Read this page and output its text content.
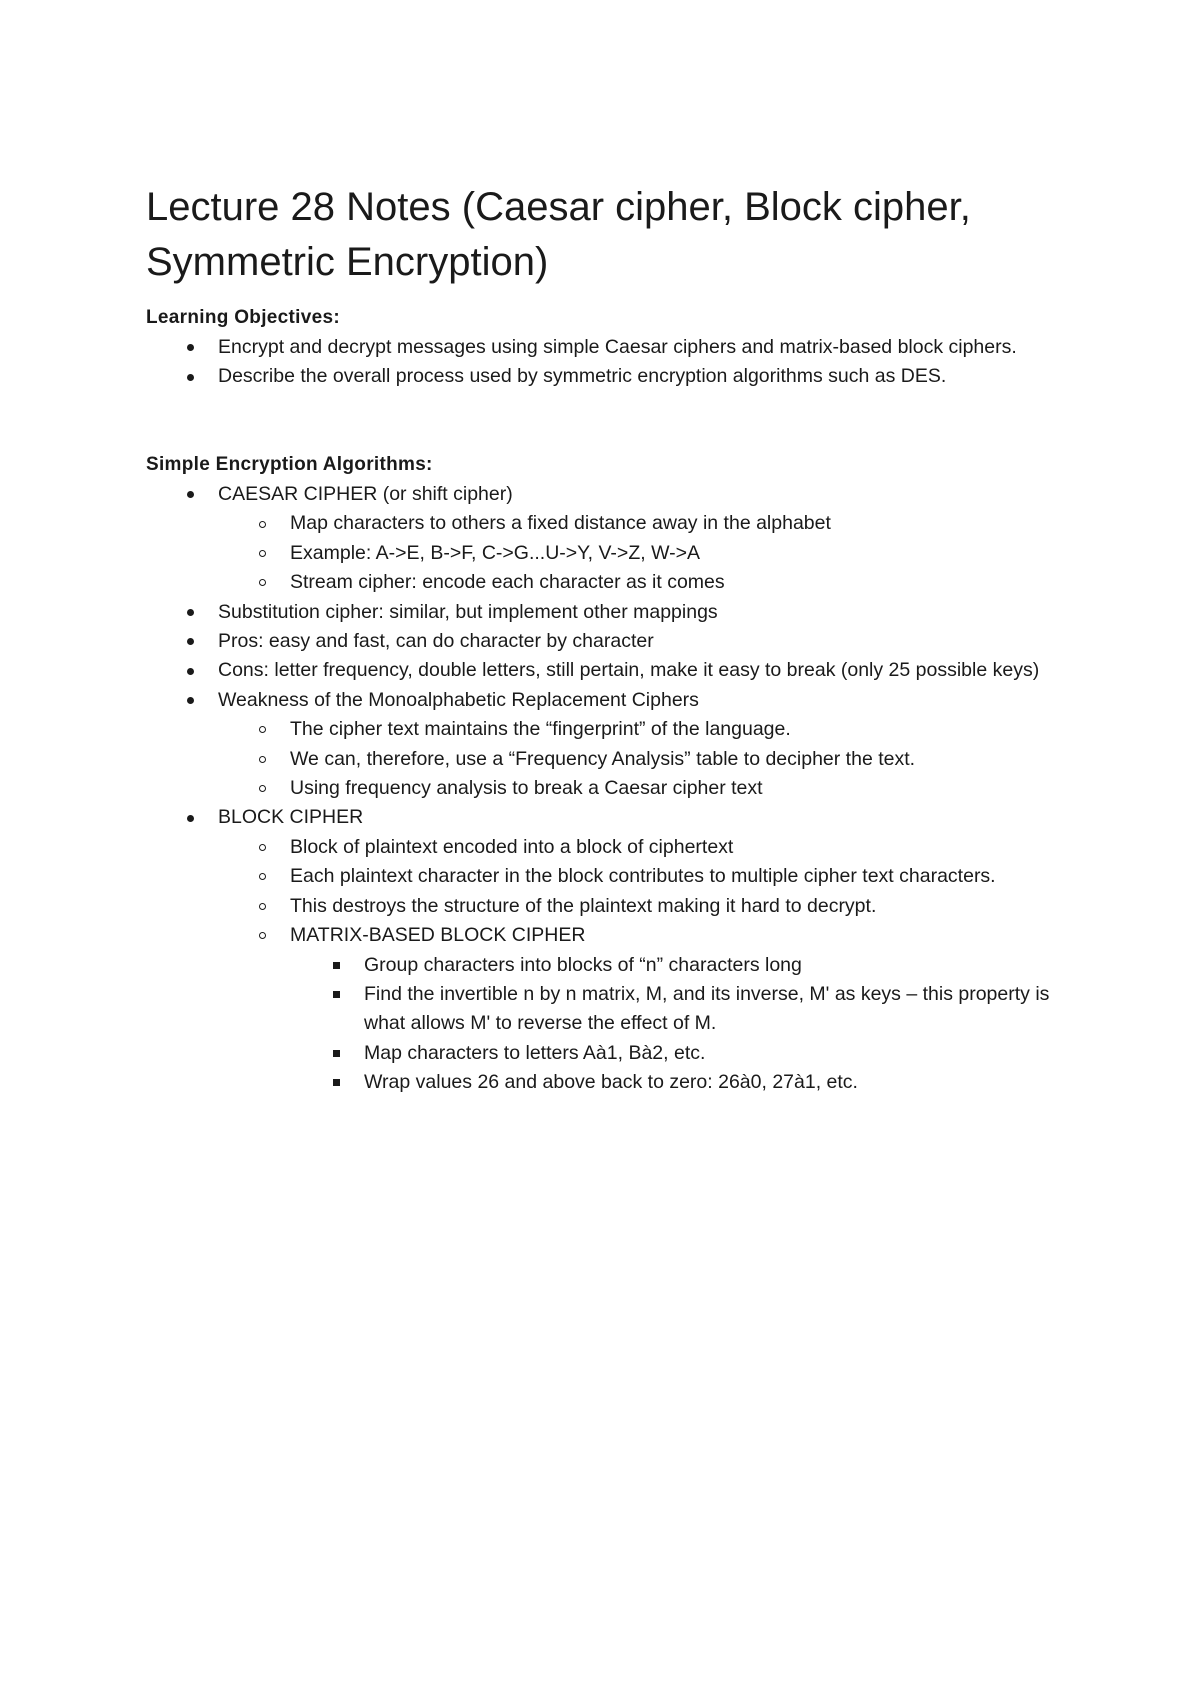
Lecture 28 Notes (Caesar cipher, Block cipher, Symmetric Encryption)
Learning Objectives:
Encrypt and decrypt messages using simple Caesar ciphers and matrix-based block ciphers.
Describe the overall process used by symmetric encryption algorithms such as DES.
Simple Encryption Algorithms:
CAESAR CIPHER (or shift cipher)
Map characters to others a fixed distance away in the alphabet
Example: A->E, B->F, C->G...U->Y, V->Z, W->A
Stream cipher: encode each character as it comes
Substitution cipher: similar, but implement other mappings
Pros: easy and fast, can do character by character
Cons: letter frequency, double letters, still pertain, make it easy to break (only 25 possible keys)
Weakness of the Monoalphabetic Replacement Ciphers
The cipher text maintains the “fingerprint” of the language.
We can, therefore, use a “Frequency Analysis” table to decipher the text.
Using frequency analysis to break a Caesar cipher text
BLOCK CIPHER
Block of plaintext encoded into a block of ciphertext
Each plaintext character in the block contributes to multiple cipher text characters.
This destroys the structure of the plaintext making it hard to decrypt.
MATRIX-BASED BLOCK CIPHER
Group characters into blocks of “n” characters long
Find the invertible n by n matrix, M, and its inverse, M' as keys – this property is what allows M' to reverse the effect of M.
Map characters to letters Aà1, Bà2, etc.
Wrap values 26 and above back to zero: 26à0, 27à1, etc.
